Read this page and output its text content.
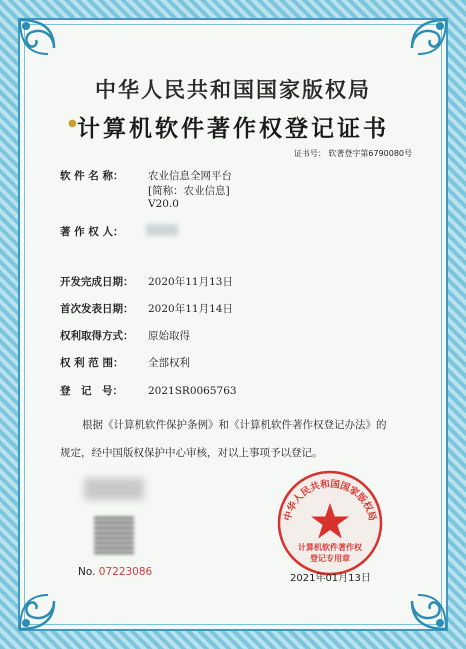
中华人民共和国国家版权局
● 计算机软件著作权登记证书
证书号： 软著登字第6790080号
软 件 名 称： 农业信息全网平台
[简称：农业信息]
V20.0
著 作 权 人：
开发完成日期： 2020年11月13日
首次发表日期： 2020年11月14日
权利取得方式： 原始取得
权 利 范 围： 全部权利
登　记　号： 2021SR0065763
根据《计算机软件保护条例》和《计算机软件著作权登记办法》的
规定，经中国版权保护中心审核，对以上事项予以登记。
No. 07223086
中华人民共和国国家版权局
计算机软件著作权
登记专用章
2021年01月13日
